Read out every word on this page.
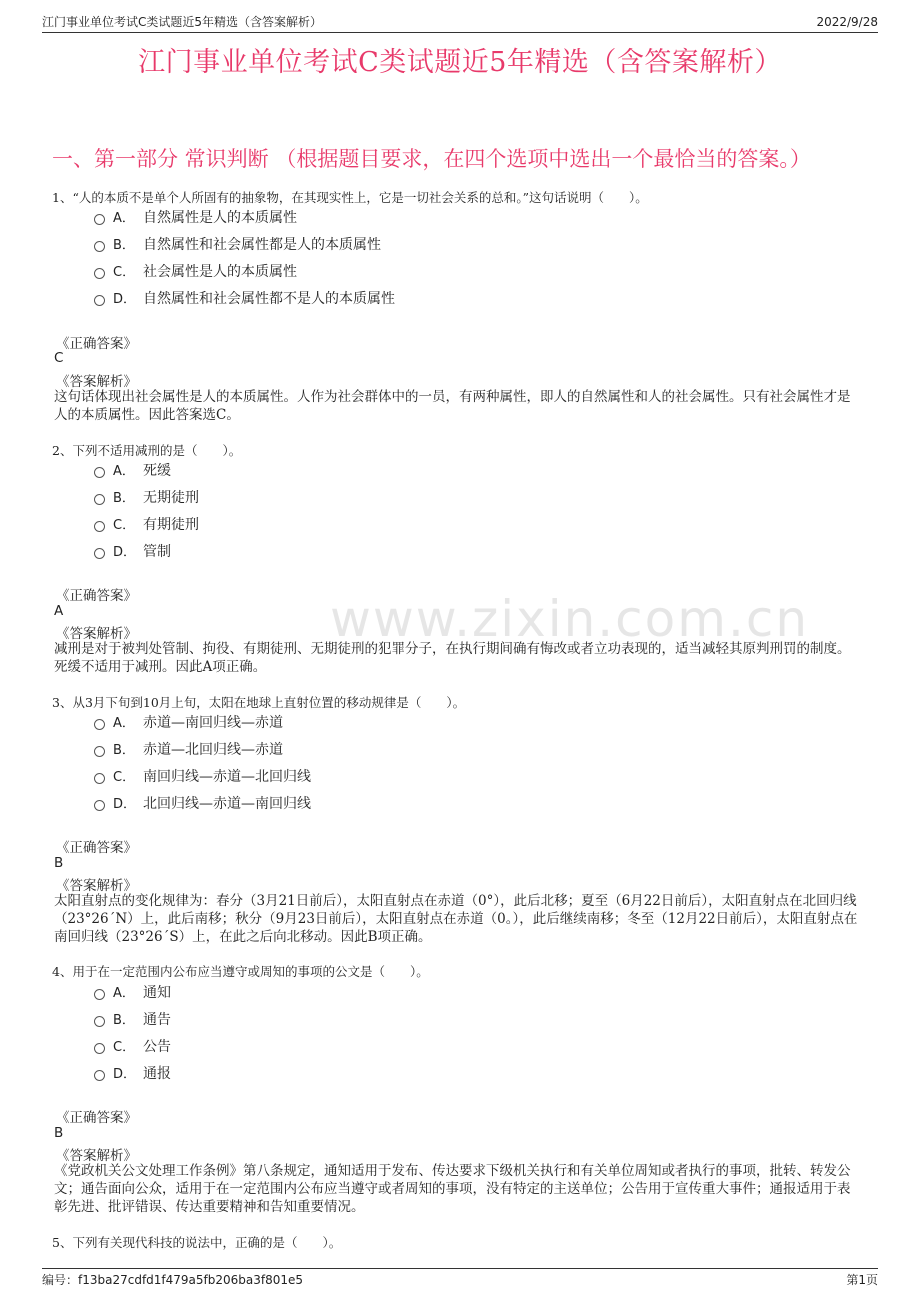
江门事业单位考试C类试题近5年精选（含答案解析）	2022/9/28
江门事业单位考试C类试题近5年精选（含答案解析）
一、第一部分 常识判断 （根据题目要求，在四个选项中选出一个最恰当的答案。）
www.zixin.com.cn
1、“人的本质不是单个人所固有的抽象物，在其现实性上，它是一切社会关系的总和。”这句话说明（　　）。
A． 自然属性是人的本质属性
B． 自然属性和社会属性都是人的本质属性
C． 社会属性是人的本质属性
D． 自然属性和社会属性都不是人的本质属性
《正确答案》
C
《答案解析》
这句话体现出社会属性是人的本质属性。人作为社会群体中的一员，有两种属性，即人的自然属性和人的社会属性。只有社会属性才是人的本质属性。因此答案选C。
2、下列不适用减刑的是（　　）。
A． 死缓
B． 无期徒刑
C． 有期徒刑
D． 管制
《正确答案》
A
《答案解析》
减刑是对于被判处管制、拘役、有期徒刑、无期徒刑的犯罪分子，在执行期间确有悔改或者立功表现的，适当减轻其原判刑罚的制度。死缓不适用于减刑。因此A项正确。
3、从3月下旬到10月上旬，太阳在地球上直射位置的移动规律是（　　）。
A． 赤道—南回归线—赤道
B． 赤道—北回归线—赤道
C． 南回归线—赤道—北回归线
D． 北回归线—赤道—南回归线
《正确答案》
B
《答案解析》
太阳直射点的变化规律为：春分（3月21日前后），太阳直射点在赤道（0°），此后北移；夏至（6月22日前后），太阳直射点在北回归线（23°26´N）上，此后南移；秋分（9月23日前后），太阳直射点在赤道（0。），此后继续南移；冬至（12月22日前后），太阳直射点在南回归线（23°26´S）上，在此之后向北移动。因此B项正确。
4、用于在一定范围内公布应当遵守或周知的事项的公文是（　　）。
A． 通知
B． 通告
C． 公告
D． 通报
《正确答案》
B
《答案解析》
《党政机关公文处理工作条例》第八条规定，通知适用于发布、传达要求下级机关执行和有关单位周知或者执行的事项，批转、转发公文；通告面向公众，适用于在一定范围内公布应当遵守或者周知的事项，没有特定的主送单位；公告用于宣传重大事件；通报适用于表彰先进、批评错误、传达重要精神和告知重要情况。
5、下列有关现代科技的说法中，正确的是（　　）。
编号：f13ba27cdfd1f479a5fb206ba3f801e5	第1页
